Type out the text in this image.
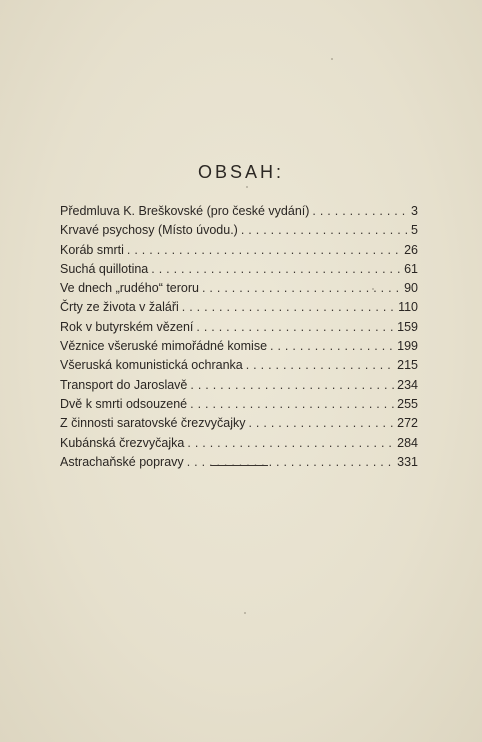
OBSAH:
Předmluva K. Breškovské (pro české vydání) . . .	3
Krvavé psychosy (Místo úvodu.) . . .	5
Koráb smrti . . .	26
Suchá quillotina . . .	61
Ve dnech „rudého“ teroru . . .	90
Črty ze života v žaláři . . .	110
Rok v butyrském vězení . . .	159
Věznice všeruské mimořádné komise . . .	199
Všeruská komunistická ochranka . . .	215
Transport do Jaroslavě . . .	234
Dvě k smrti odsouzené . . .	255
Z činnosti saratovské črezvyčajky . . .	272
Kubánská črezvyčajka . . .	284
Astrachaňské popravy . . .	331
